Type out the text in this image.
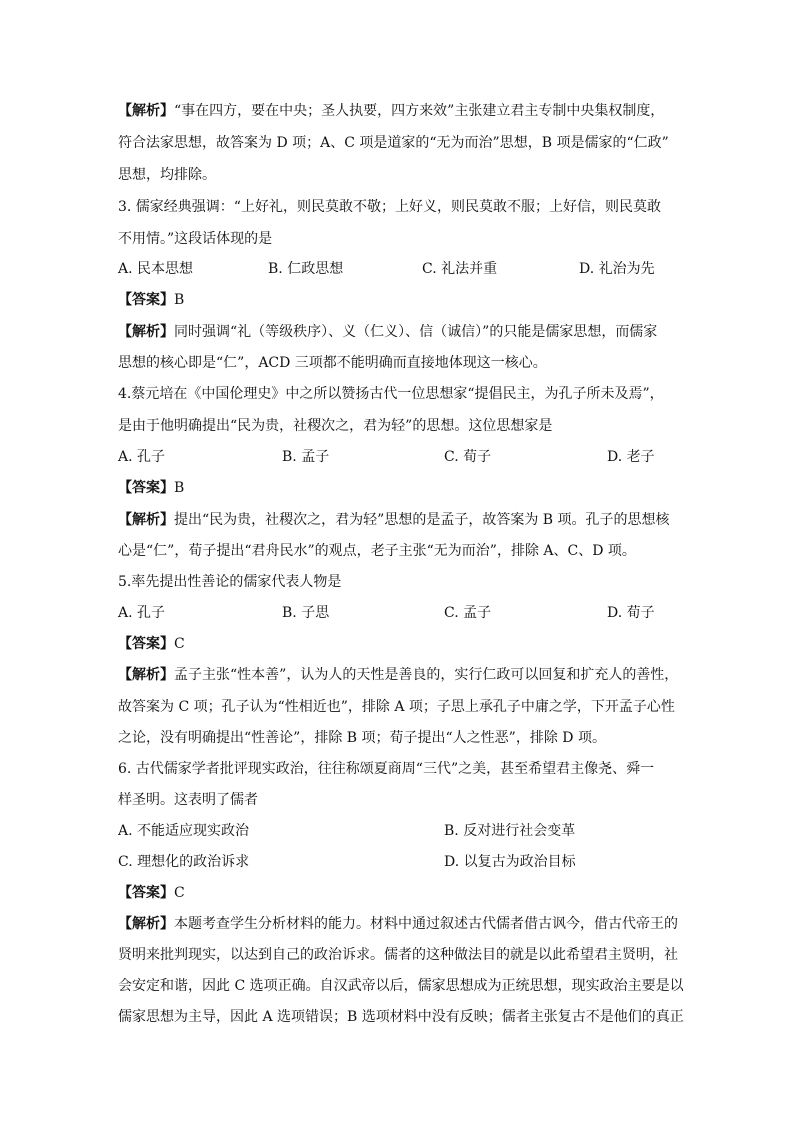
【解析】“事在四方，要在中央；圣人执要，四方来效”主张建立君主专制中央集权制度，
符合法家思想，故答案为 D 项；A、C 项是道家的“无为而治”思想，B 项是儒家的“仁政”
思想，均排除。
3. 儒家经典强调：“上好礼，则民莫敢不敬；上好义，则民莫敢不服；上好信，则民莫敢
不用情。”这段话体现的是
A. 民本思想	B. 仁政思想	C. 礼法并重	D. 礼治为先
【答案】B
【解析】同时强调“礼（等级秩序）、义（仁义）、信（诚信）”的只能是儒家思想，而儒家
思想的核心即是“仁”，ACD 三项都不能明确而直接地体现这一核心。
4.蔡元培在《中国伦理史》中之所以赞扬古代一位思想家“提倡民主，为孔子所未及焉”，
是由于他明确提出“民为贵，社稷次之，君为轻”的思想。这位思想家是
A. 孔子	B. 孟子	C. 荀子	D. 老子
【答案】B
【解析】提出“民为贵，社稷次之，君为轻”思想的是孟子，故答案为 B 项。孔子的思想核
心是“仁”，荀子提出“君舟民水”的观点，老子主张“无为而治”，排除 A、C、D 项。
5.率先提出性善论的儒家代表人物是
A. 孔子	B. 子思	C. 孟子	D. 荀子
【答案】C
【解析】孟子主张“性本善”，认为人的天性是善良的，实行仁政可以回复和扩充人的善性，
故答案为 C 项；孔子认为“性相近也”，排除 A 项；子思上承孔子中庸之学，下开孟子心性
之论，没有明确提出“性善论”，排除 B 项；荀子提出“人之性恶”，排除 D 项。
6. 古代儒家学者批评现实政治，往往称颂夏商周“三代”之美，甚至希望君主像尧、舜一
样圣明。这表明了儒者
A. 不能适应现实政治	B. 反对进行社会变革
C. 理想化的政治诉求	D. 以复古为政治目标
【答案】C
【解析】本题考查学生分析材料的能力。材料中通过叙述古代儒者借古讽今，借古代帝王的
贤明来批判现实，以达到自己的政治诉求。儒者的这种做法目的就是以此希望君主贤明，社
会安定和谐，因此 C 选项正确。自汉武帝以后，儒家思想成为正统思想，现实政治主要是以
儒家思想为主导，因此 A 选项错误；B 选项材料中没有反映；儒者主张复古不是他们的真正
